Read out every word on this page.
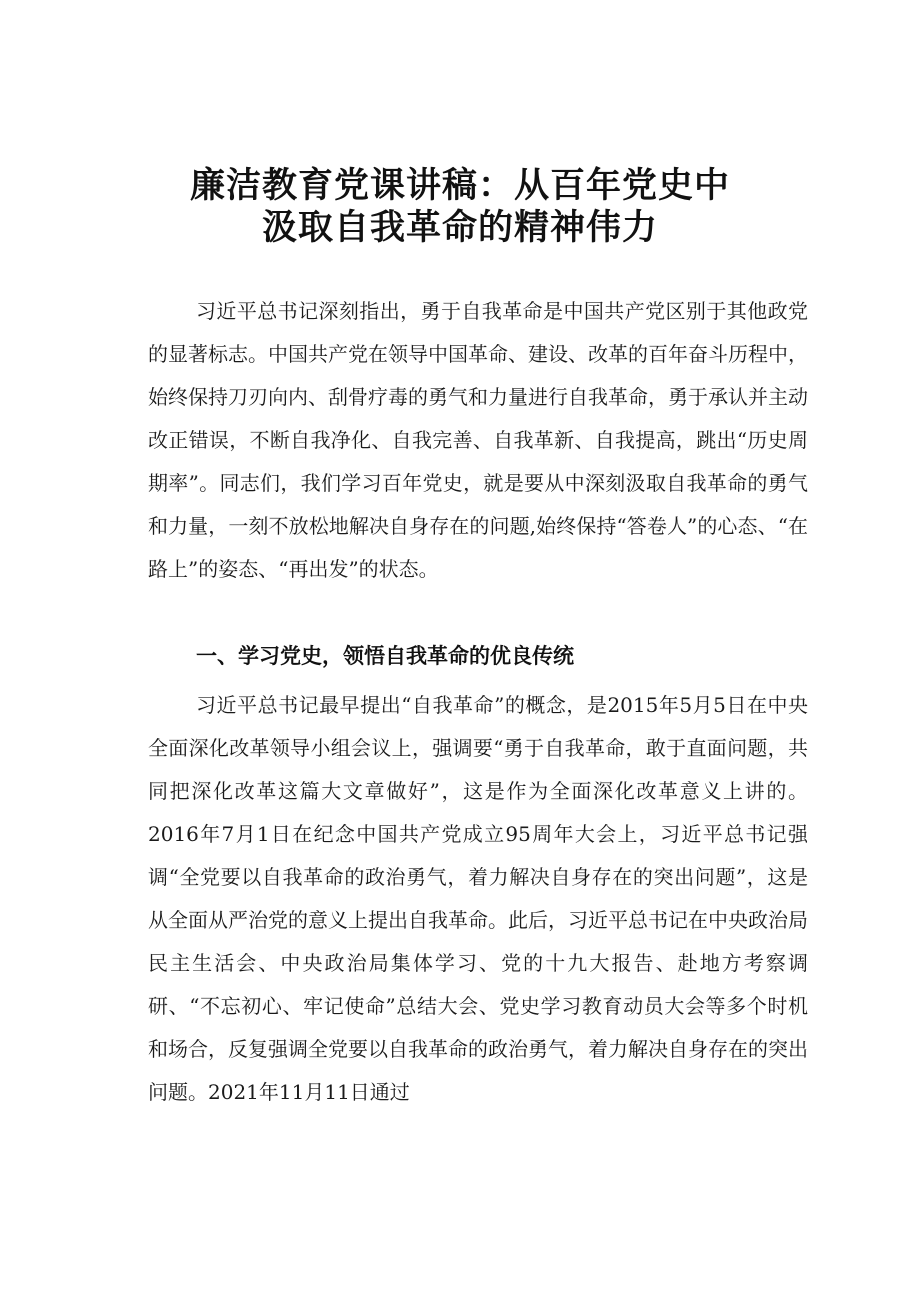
廉洁教育党课讲稿：从百年党史中
汲取自我革命的精神伟力

习近平总书记深刻指出，勇于自我革命是中国共产党区别于其他政党的显著标志。中国共产党在领导中国革命、建设、改革的百年奋斗历程中，始终保持刀刃向内、刮骨疗毒的勇气和力量进行自我革命，勇于承认并主动改正错误，不断自我净化、自我完善、自我革新、自我提高，跳出“历史周期率”。同志们，我们学习百年党史，就是要从中深刻汲取自我革命的勇气和力量，一刻不放松地解决自身存在的问题,始终保持“答卷人”的心态、“在路上”的姿态、“再出发”的状态。

一、学习党史，领悟自我革命的优良传统

习近平总书记最早提出“自我革命”的概念，是2015年5月5日在中央全面深化改革领导小组会议上，强调要“勇于自我革命，敢于直面问题，共同把深化改革这篇大文章做好”，这是作为全面深化改革意义上讲的。2016年7月1日在纪念中国共产党成立95周年大会上，习近平总书记强调“全党要以自我革命的政治勇气，着力解决自身存在的突出问题”，这是从全面从严治党的意义上提出自我革命。此后，习近平总书记在中央政治局民主生活会、中央政治局集体学习、党的十九大报告、赴地方考察调研、“不忘初心、牢记使命”总结大会、党史学习教育动员大会等多个时机和场合，反复强调全党要以自我革命的政治勇气，着力解决自身存在的突出问题。2021年11月11日通过
